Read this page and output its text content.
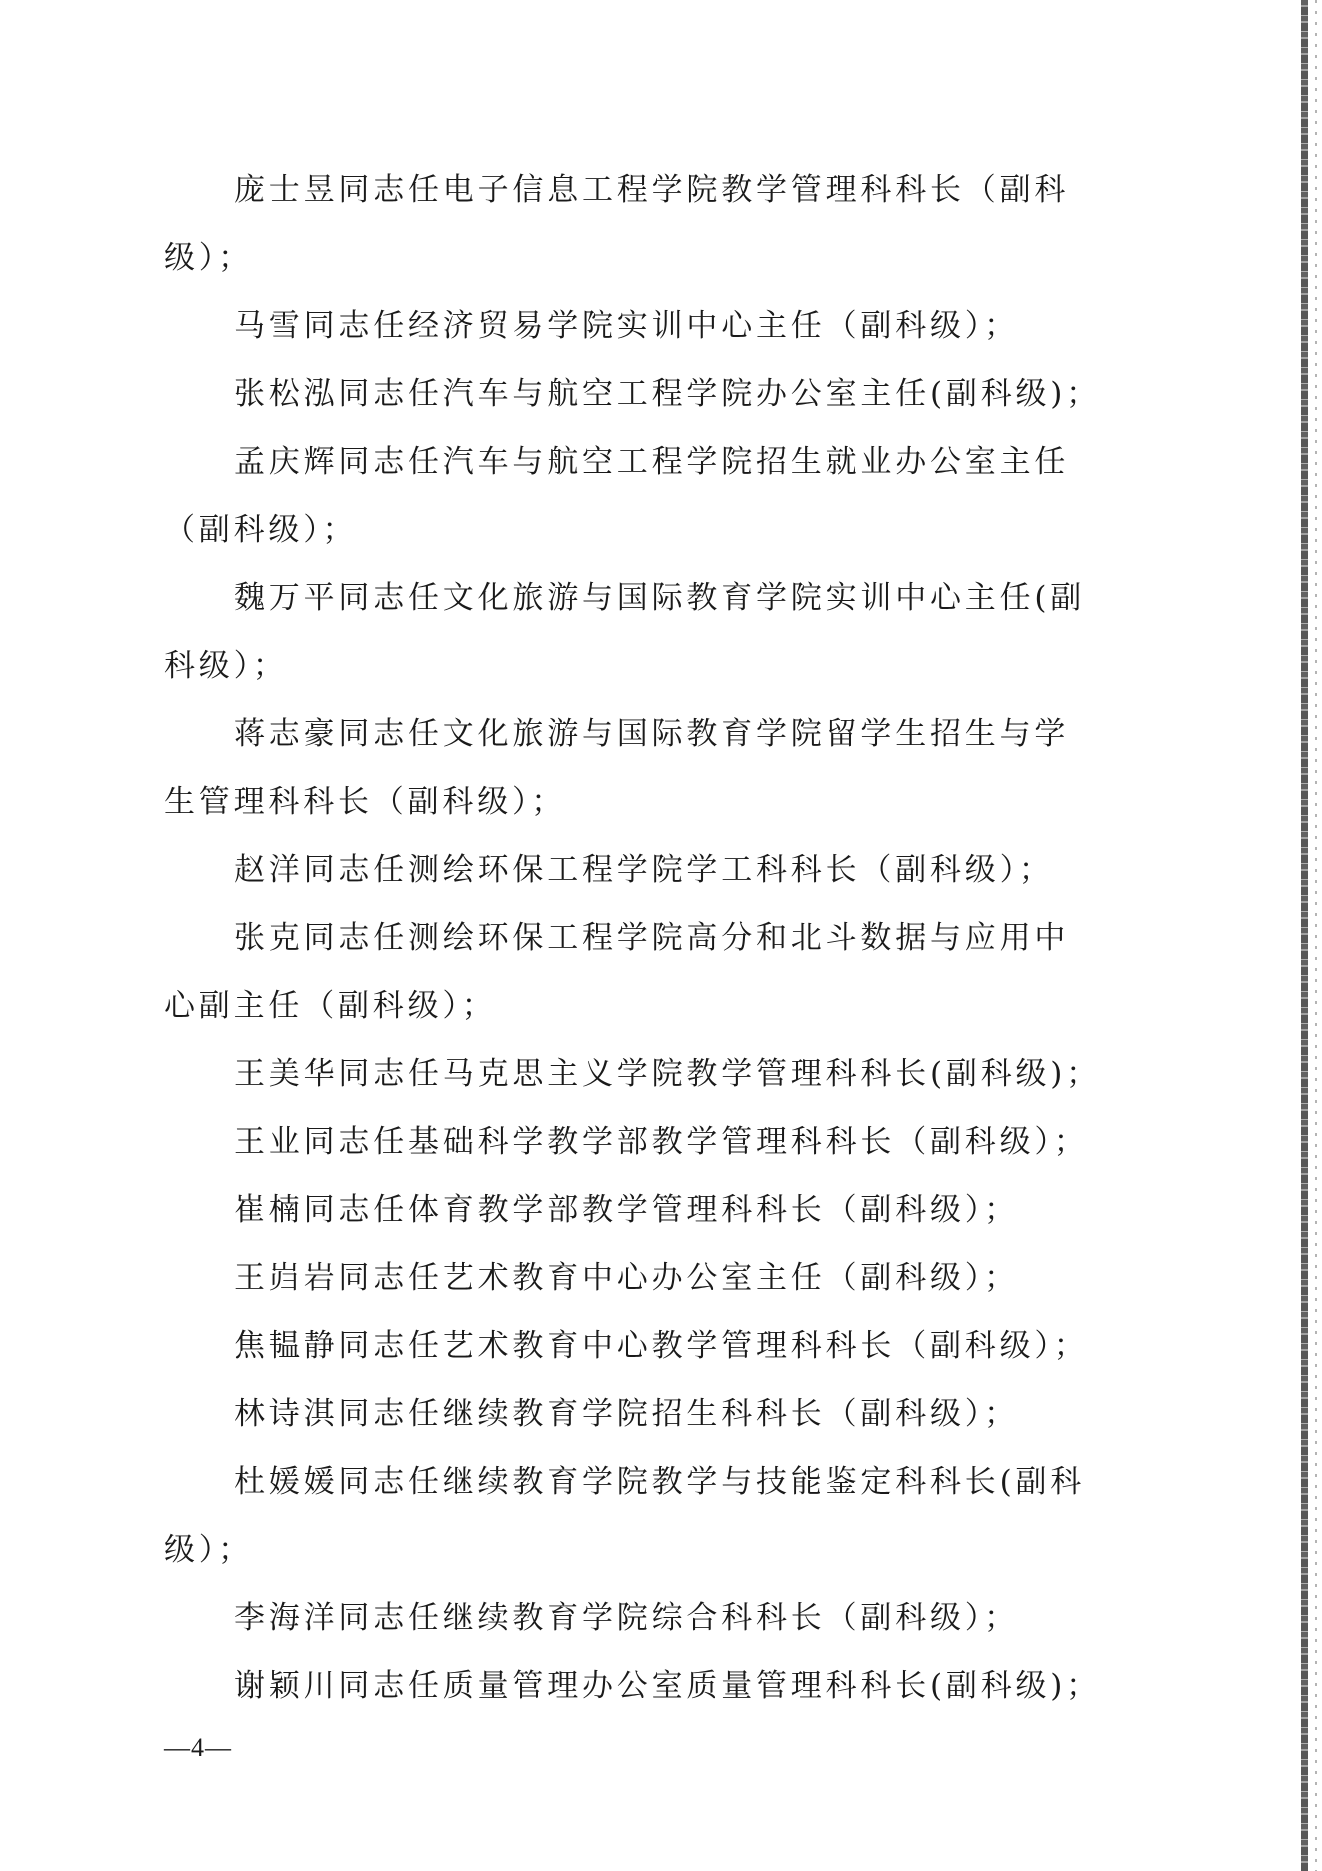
庞士昱同志任电子信息工程学院教学管理科科长（副科
级）；
马雪同志任经济贸易学院实训中心主任（副科级）；
张松泓同志任汽车与航空工程学院办公室主任(副科级)；
孟庆辉同志任汽车与航空工程学院招生就业办公室主任
（副科级）；
魏万平同志任文化旅游与国际教育学院实训中心主任(副
科级）；
蒋志豪同志任文化旅游与国际教育学院留学生招生与学
生管理科科长（副科级）；
赵洋同志任测绘环保工程学院学工科科长（副科级）；
张克同志任测绘环保工程学院高分和北斗数据与应用中
心副主任（副科级）；
王美华同志任马克思主义学院教学管理科科长(副科级)；
王业同志任基础科学教学部教学管理科科长（副科级）；
崔楠同志任体育教学部教学管理科科长（副科级）；
王岿岩同志任艺术教育中心办公室主任（副科级）；
焦韫静同志任艺术教育中心教学管理科科长（副科级）；
林诗淇同志任继续教育学院招生科科长（副科级）；
杜媛媛同志任继续教育学院教学与技能鉴定科科长(副科
级）；
李海洋同志任继续教育学院综合科科长（副科级）；
谢颖川同志任质量管理办公室质量管理科科长(副科级)；
—4—
